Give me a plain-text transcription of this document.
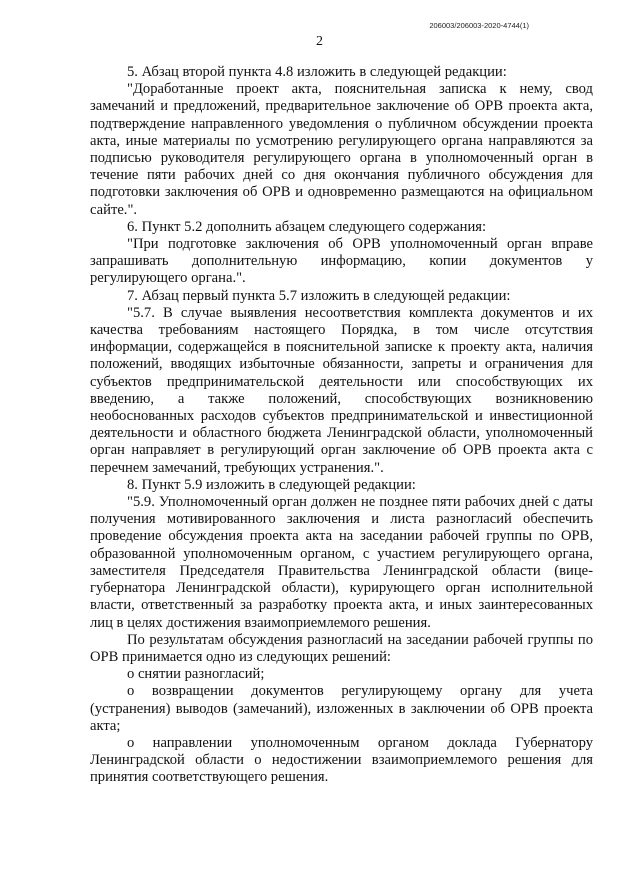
206003/206003-2020-4744(1)
2

5. Абзац второй пункта 4.8 изложить в следующей редакции:

"Доработанные проект акта, пояснительная записка к нему, свод замечаний и предложений, предварительное заключение об ОРВ проекта акта, подтверждение направленного уведомления о публичном обсуждении проекта акта, иные материалы по усмотрению регулирующего органа направляются за подписью руководителя регулирующего органа в уполномоченный орган в течение пяти рабочих дней со дня окончания публичного обсуждения для подготовки заключения об ОРВ и одновременно размещаются на официальном сайте.".

6. Пункт 5.2 дополнить абзацем следующего содержания:

"При подготовке заключения об ОРВ уполномоченный орган вправе запрашивать дополнительную информацию, копии документов у регулирующего органа.".

7. Абзац первый пункта 5.7 изложить в следующей редакции:

"5.7. В случае выявления несоответствия комплекта документов и их качества требованиям настоящего Порядка, в том числе отсутствия информации, содержащейся в пояснительной записке к проекту акта, наличия положений, вводящих избыточные обязанности, запреты и ограничения для субъектов предпринимательской деятельности или способствующих их введению, а также положений, способствующих возникновению необоснованных расходов субъектов предпринимательской и инвестиционной деятельности и областного бюджета Ленинградской области, уполномоченный орган направляет в регулирующий орган заключение об ОРВ проекта акта с перечнем замечаний, требующих устранения.".

8. Пункт 5.9 изложить в следующей редакции:

"5.9. Уполномоченный орган должен не позднее пяти рабочих дней с даты получения мотивированного заключения и листа разногласий обеспечить проведение обсуждения проекта акта на заседании рабочей группы по ОРВ, образованной уполномоченным органом, с участием регулирующего органа, заместителя Председателя Правительства Ленинградской области (вице-губернатора Ленинградской области), курирующего орган исполнительной власти, ответственный за разработку проекта акта, и иных заинтересованных лиц в целях достижения взаимоприемлемого решения.

По результатам обсуждения разногласий на заседании рабочей группы по ОРВ принимается одно из следующих решений:

о снятии разногласий;
о возвращении документов регулирующему органу для учета (устранения) выводов (замечаний), изложенных в заключении об ОРВ проекта акта;
о направлении уполномоченным органом доклада Губернатору Ленинградской области о недостижении взаимоприемлемого решения для принятия соответствующего решения.
